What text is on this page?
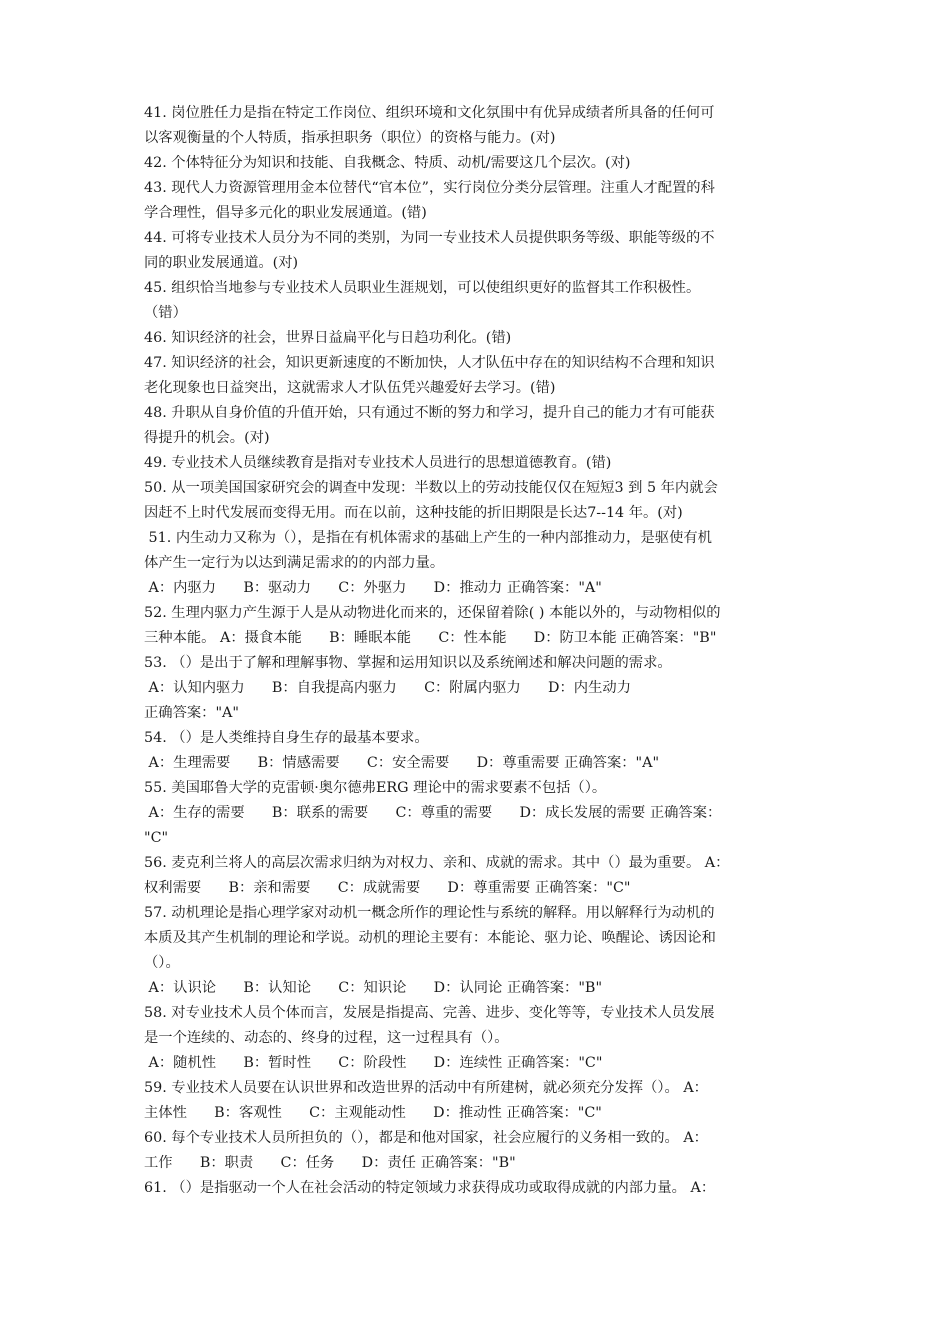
41. 岗位胜任力是指在特定工作岗位、组织环境和文化氛围中有优异成绩者所具备的任何可
以客观衡量的个人特质，指承担职务（职位）的资格与能力。(对)
42. 个体特征分为知识和技能、自我概念、特质、动机/需要这几个层次。(对)
43. 现代人力资源管理用金本位替代“官本位”，实行岗位分类分层管理。注重人才配置的科
学合理性，倡导多元化的职业发展通道。(错)
44. 可将专业技术人员分为不同的类别，为同一专业技术人员提供职务等级、职能等级的不
同的职业发展通道。(对)
45. 组织恰当地参与专业技术人员职业生涯规划，可以使组织更好的监督其工作积极性。
（错）
46. 知识经济的社会，世界日益扁平化与日趋功利化。(错)
47. 知识经济的社会，知识更新速度的不断加快，人才队伍中存在的知识结构不合理和知识
老化现象也日益突出，这就需求人才队伍凭兴趣爱好去学习。(错)
48. 升职从自身价值的升值开始，只有通过不断的努力和学习，提升自己的能力才有可能获
得提升的机会。(对)
49. 专业技术人员继续教育是指对专业技术人员进行的思想道德教育。(错)
50. 从一项美国国家研究会的调查中发现：半数以上的劳动技能仅仅在短短3 到 5 年内就会
因赶不上时代发展而变得无用。而在以前，这种技能的折旧期限是长达7--14 年。(对)
51. 内生动力又称为（），是指在有机体需求的基础上产生的一种内部推动力，是驱使有机
体产生一定行为以达到满足需求的的内部力量。
A：内驱力      B：驱动力      C：外驱力      D：推动力 正确答案："A"
52. 生理内驱力产生源于人是从动物进化而来的，还保留着除( ) 本能以外的，与动物相似的
三种本能。 A：摄食本能      B：睡眠本能      C：性本能      D：防卫本能 正确答案："B"
53. （）是出于了解和理解事物、掌握和运用知识以及系统阐述和解决问题的需求。
A：认知内驱力      B：自我提高内驱力      C：附属内驱力      D：内生动力
正确答案："A"
54. （）是人类维持自身生存的最基本要求。
A：生理需要      B：情感需要      C：安全需要      D：尊重需要 正确答案："A"
55. 美国耶鲁大学的克雷顿·奥尔德弗ERG 理论中的需求要素不包括（）。
A：生存的需要      B：联系的需要      C：尊重的需要      D：成长发展的需要 正确答案：
"C"
56. 麦克利兰将人的高层次需求归纳为对权力、亲和、成就的需求。其中（）最为重要。 A：
权利需要      B：亲和需要      C：成就需要      D：尊重需要 正确答案："C"
57. 动机理论是指心理学家对动机一概念所作的理论性与系统的解释。用以解释行为动机的
本质及其产生机制的理论和学说。动机的理论主要有：本能论、驱力论、唤醒论、诱因论和
（）。
A：认识论      B：认知论      C：知识论      D：认同论 正确答案："B"
58. 对专业技术人员个体而言，发展是指提高、完善、进步、变化等等，专业技术人员发展
是一个连续的、动态的、终身的过程，这一过程具有（）。
A：随机性      B：暂时性      C：阶段性      D：连续性 正确答案："C"
59. 专业技术人员要在认识世界和改造世界的活动中有所建树，就必须充分发挥（）。 A：
主体性      B：客观性      C：主观能动性      D：推动性 正确答案："C"
60. 每个专业技术人员所担负的（），都是和他对国家，社会应履行的义务相一致的。 A：
工作      B：职责      C：任务      D：责任 正确答案："B"
61. （）是指驱动一个人在社会活动的特定领域力求获得成功或取得成就的内部力量。 A：
